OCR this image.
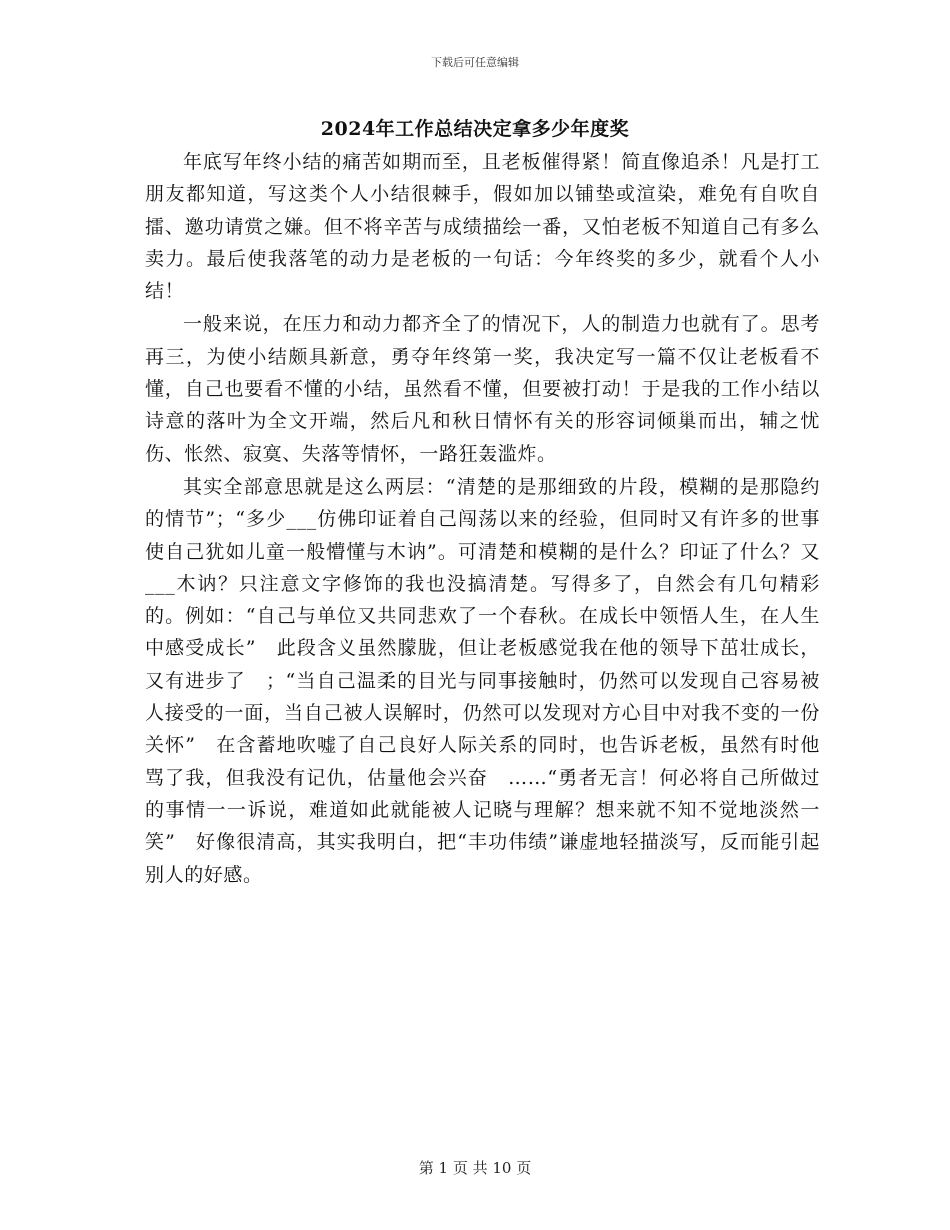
下载后可任意编辑
2024年工作总结决定拿多少年度奖

年底写年终小结的痛苦如期而至，且老板催得紧！简直像追杀！凡是打工朋友都知道，写这类个人小结很棘手，假如加以铺垫或渲染，难免有自吹自擂、邀功请赏之嫌。但不将辛苦与成绩描绘一番，又怕老板不知道自己有多么卖力。最后使我落笔的动力是老板的一句话：今年终奖的多少，就看个人小结！

一般来说，在压力和动力都齐全了的情况下，人的制造力也就有了。思考再三，为使小结颇具新意，勇夺年终第一奖，我决定写一篇不仅让老板看不懂，自己也要看不懂的小结，虽然看不懂，但要被打动！于是我的工作小结以诗意的落叶为全文开端，然后凡和秋日情怀有关的形容词倾巢而出，辅之忧伤、怅然、寂寞、失落等情怀，一路狂轰滥炸。

其实全部意思就是这么两层：“清楚的是那细致的片段，模糊的是那隐约的情节”；“多少___仿佛印证着自己闯荡以来的经验，但同时又有许多的世事使自己犹如儿童一般懵懂与木讷”。可清楚和模糊的是什么？印证了什么？又___木讷？只注意文字修饰的我也没搞清楚。写得多了，自然会有几句精彩的。例如：“自己与单位又共同悲欢了一个春秋。在成长中领悟人生，在人生中感受成长”　此段含义虽然朦胧，但让老板感觉我在他的领导下茁壮成长，又有进步了　；“当自己温柔的目光与同事接触时，仍然可以发现自己容易被人接受的一面，当自己被人误解时，仍然可以发现对方心目中对我不变的一份关怀”　在含蓄地吹嘘了自己良好人际关系的同时，也告诉老板，虽然有时他骂了我，但我没有记仇，估量他会兴奋　……“勇者无言！何必将自己所做过的事情一一诉说，难道如此就能被人记晓与理解？想来就不知不觉地淡然一笑”　好像很清高，其实我明白，把“丰功伟绩”谦虚地轻描淡写，反而能引起别人的好感。

第 1 页 共 10 页
